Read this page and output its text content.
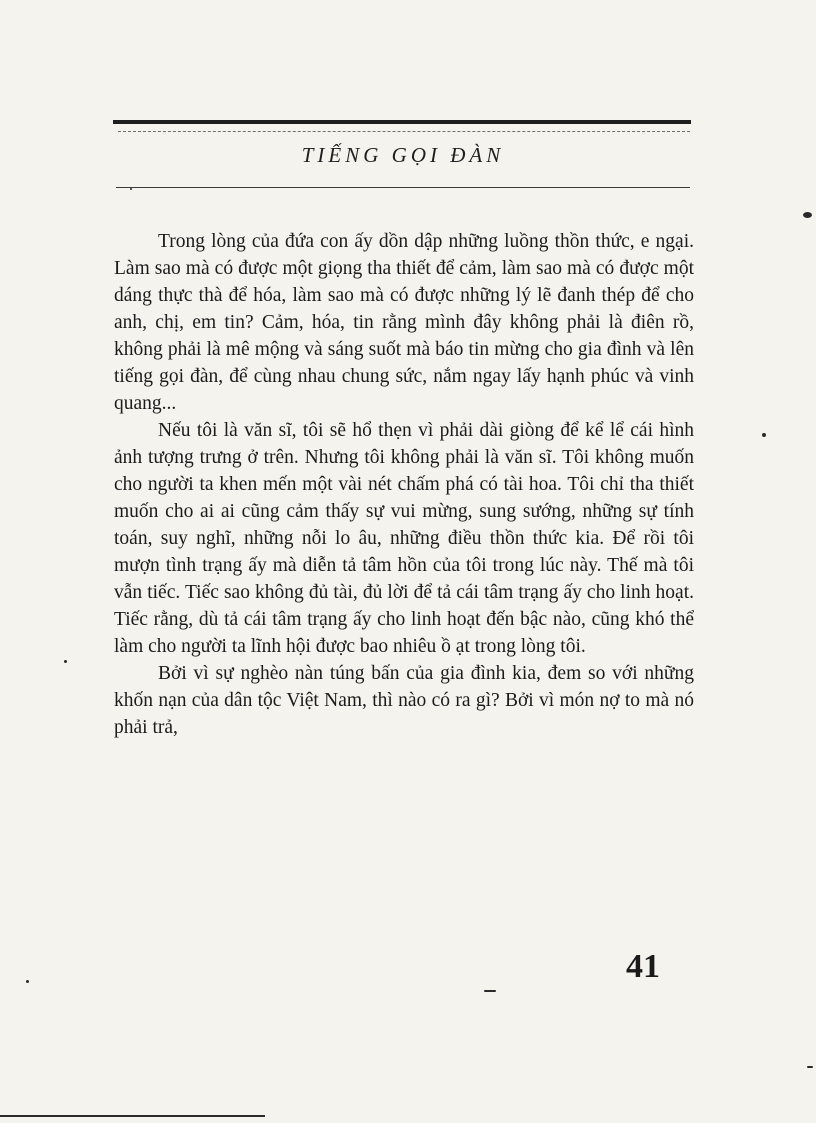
TIẾNG GỌI ĐÀN

Trong lòng của đứa con ấy dồn dập những luồng thồn thức, e ngại. Làm sao mà có được một giọng tha thiết để cảm, làm sao mà có được một dáng thực thà để hóa, làm sao mà có được những lý lẽ đanh thép để cho anh, chị, em tin? Cảm, hóa, tin rằng mình đây không phải là điên rồ, không phải là mê mộng và sáng suốt mà báo tin mừng cho gia đình và lên tiếng gọi đàn, để cùng nhau chung sức, nắm ngay lấy hạnh phúc và vinh quang...

Nếu tôi là văn sĩ, tôi sẽ hổ thẹn vì phải dài giòng để kể lể cái hình ảnh tượng trưng ở trên. Nhưng tôi không phải là văn sĩ. Tôi không muốn cho người ta khen mến một vài nét chấm phá có tài hoa. Tôi chỉ tha thiết muốn cho ai ai cũng cảm thấy sự vui mừng, sung sướng, những sự tính toán, suy nghĩ, những nỗi lo âu, những điều thồn thức kia. Để rồi tôi mượn tình trạng ấy mà diễn tả tâm hồn của tôi trong lúc này. Thế mà tôi vẫn tiếc. Tiếc sao không đủ tài, đủ lời để tả cái tâm trạng ấy cho linh hoạt. Tiếc rằng, dù tả cái tâm trạng ấy cho linh hoạt đến bậc nào, cũng khó thể làm cho người ta lĩnh hội được bao nhiêu ồ ạt trong lòng tôi.

Bởi vì sự nghèo nàn túng bấn của gia đình kia, đem so với những khốn nạn của dân tộc Việt Nam, thì nào có ra gì? Bởi vì món nợ to mà nó phải trả,

41
